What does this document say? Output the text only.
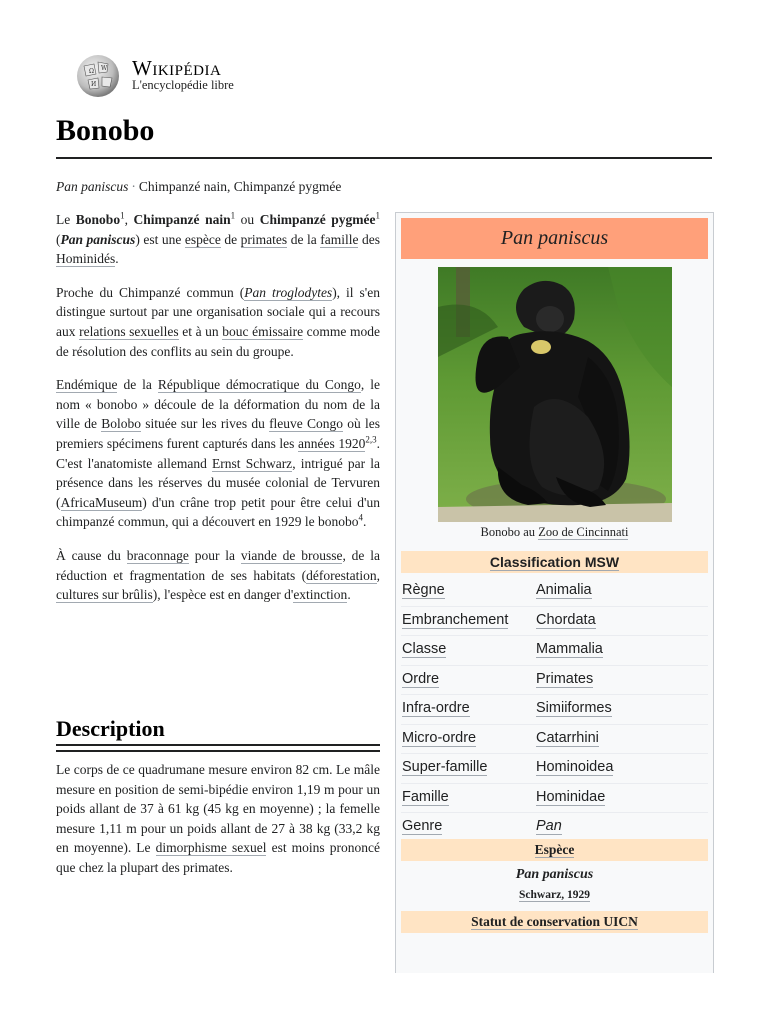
Ω W
И
Wikipédia
L'encyclopédie libre
Bonobo
Pan paniscus · Chimpanzé nain, Chimpanzé pygmée

Le Bonobo$^1$, Chimpanzé nain$^1$ ou Chimpanzé pygmée$^1$ (Pan paniscus) est une espèce de primates de la famille des Hominidés.

Proche du Chimpanzé commun (Pan troglodytes), il s'en distingue surtout par une organisation sociale qui a recours aux relations sexuelles et à un bouc émissaire comme mode de résolution des conflits au sein du groupe.

Endémique de la République démocratique du Congo, le nom « bonobo » découle de la déformation du nom de la ville de Bolobo située sur les rives du fleuve Congo où les premiers spécimens furent capturés dans les années 1920$^{2,3}$. C'est l'anatomiste allemand Ernst Schwarz, intrigué par la présence dans les réserves du musée colonial de Tervuren (AfricaMuseum) d'un crâne trop petit pour être celui d'un chimpanzé commun, qui a découvert en 1929 le bonobo$^4$.

À cause du braconnage pour la viande de brousse, de la réduction et fragmentation de ses habitats (déforestation, cultures sur brûlis), l'espèce est en danger d'extinction.

Description

Le corps de ce quadrumane mesure environ 82 cm. Le mâle mesure en position de semi-bipédie environ 1,19 m pour un poids allant de 37 à 61 kg (45 kg en moyenne) ; la femelle mesure 1,11 m pour un poids allant de 27 à 38 kg (33,2 kg en moyenne). Le dimorphisme sexuel est moins prononcé que chez la plupart des primates.

Pan paniscus
Bonobo au Zoo de Cincinnati
Classification MSW
Règne	Animalia
Embranchement Chordata
Classe	Mammalia
Ordre	Primates
Infra-ordre	Simiiformes
Micro-ordre	Catarrhini
Super-famille	Hominoidea
Famille	Hominidae
Genre	Pan
Espèce
Pan paniscus
Schwarz, 1929
Statut de conservation UICN
